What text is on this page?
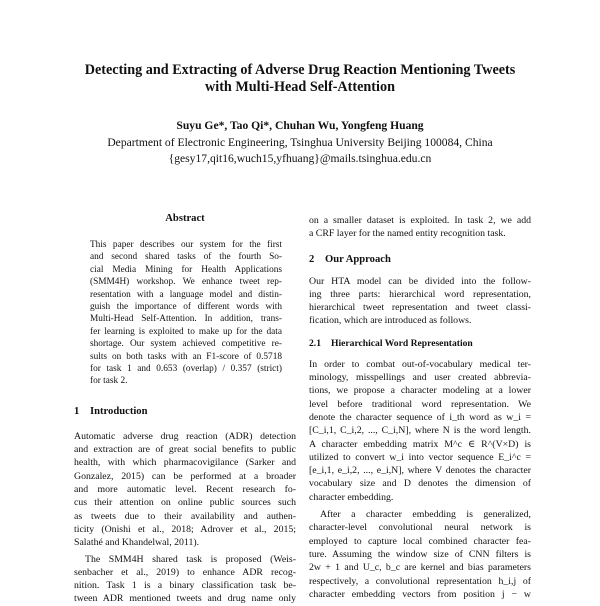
Detecting and Extracting of Adverse Drug Reaction Mentioning Tweets
with Multi-Head Self-Attention
Suyu Ge*, Tao Qi*, Chuhan Wu, Yongfeng Huang
Department of Electronic Engineering, Tsinghua University Beijing 100084, China
{gesy17,qit16,wuch15,yfhuang}@mails.tsinghua.edu.cn
Abstract
This paper describes our system for the first
and second shared tasks of the fourth So-
cial Media Mining for Health Applications
(SMM4H) workshop. We enhance tweet rep-
resentation with a language model and distin-
guish the importance of different words with
Multi-Head Self-Attention. In addition, trans-
fer learning is exploited to make up for the data
shortage. Our system achieved competitive re-
sults on both tasks with an F1-score of 0.5718
for task 1 and 0.653 (overlap) / 0.357 (strict)
for task 2.
1 Introduction

Automatic adverse drug reaction (ADR) detection
and extraction are of great social benefits to public
health, with which pharmacovigilance (Sarker and
Gonzalez, 2015) can be performed at a broader
and more automatic level. Recent research fo-
cus their attention on online public sources such
as tweets due to their availability and authen-
ticity (Onishi et al., 2018; Adrover et al., 2015;
Salathé and Khandelwal, 2011).

The SMM4H shared task is proposed (Weis-
senbacher et al., 2019) to enhance ADR recog-
nition. Task 1 is a binary classification task be-
tween ADR mentioned tweets and drug name only

on a smaller dataset is exploited. In task 2, we add
a CRF layer for the named entity recognition task.

2 Our Approach

Our HTA model can be divided into the follow-
ing three parts: hierarchical word representation,
hierarchical tweet representation and tweet classi-
fication, which are introduced as follows.

2.1 Hierarchical Word Representation

In order to combat out-of-vocabulary medical ter-
minology, misspellings and user created abbrevia-
tions, we propose a character modeling at a lower
level before traditional word representation. We
denote the character sequence of i_th word as w_i =
[C_i,1, C_i,2, ..., C_i,N], where N is the word length.
A character embedding matrix M^c ∈ R^(V×D) is
utilized to convert w_i into vector sequence E_i^c =
[e_i,1, e_i,2, ..., e_i,N], where V denotes the character
vocabulary size and D denotes the dimension of
character embedding.

After a character embedding is generalized,
character-level convolutional neural network is
employed to capture local combined character fea-
ture. Assuming the window size of CNN filters is
2w + 1 and U_c, b_c are kernel and bias parameters
respectively, a convolutional representation h_i,j of
character embedding vectors from position j − w
